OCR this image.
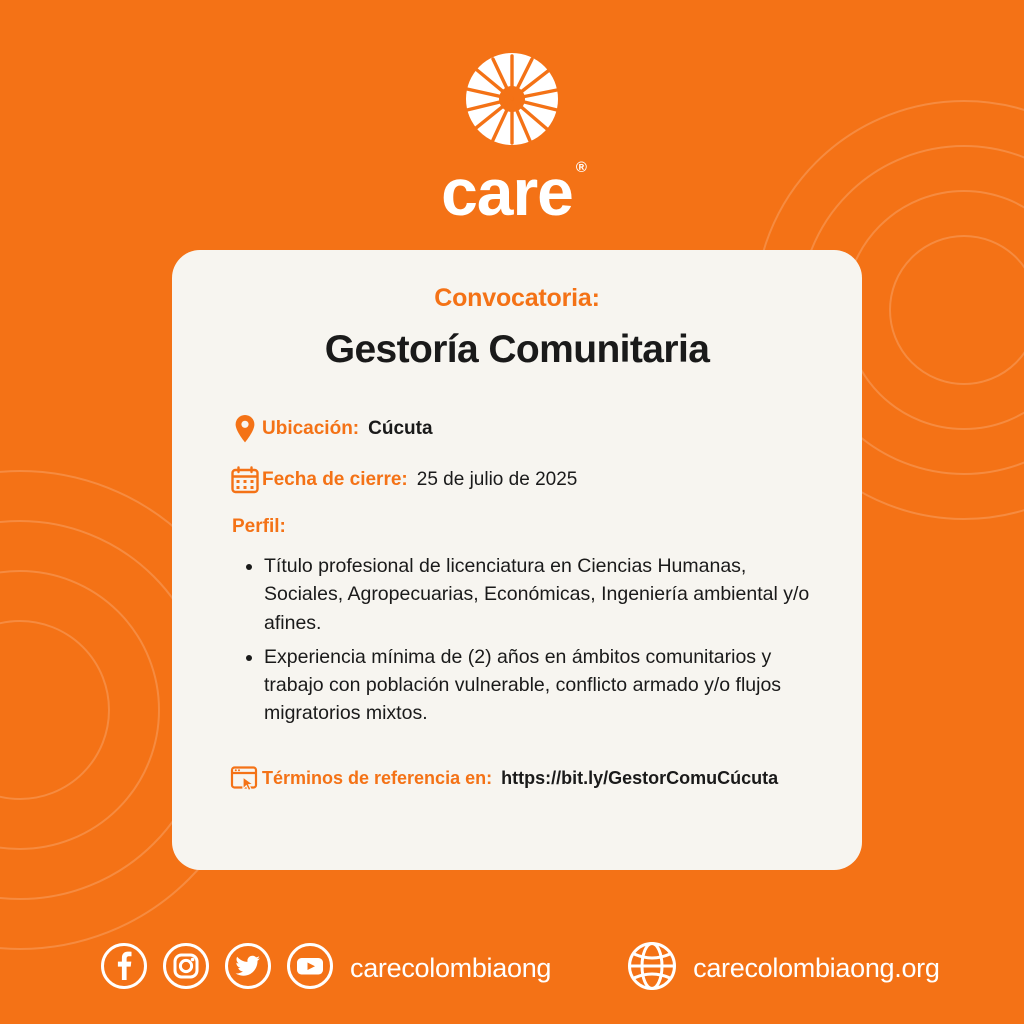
care ®
Convocatoria:
Gestoría Comunitaria
Ubicación: Cúcuta
Fecha de cierre: 25 de julio de 2025
Perfil:
• Título profesional de licenciatura en Ciencias Humanas, Sociales, Agropecuarias, Económicas, Ingeniería ambiental y/o afines.
• Experiencia mínima de (2) años en ámbitos comunitarios y trabajo con población vulnerable, conflicto armado y/o flujos migratorios mixtos.
Términos de referencia en: https://bit.ly/GestorComuCúcuta
carecolombiaong	carecolombiaong.org
